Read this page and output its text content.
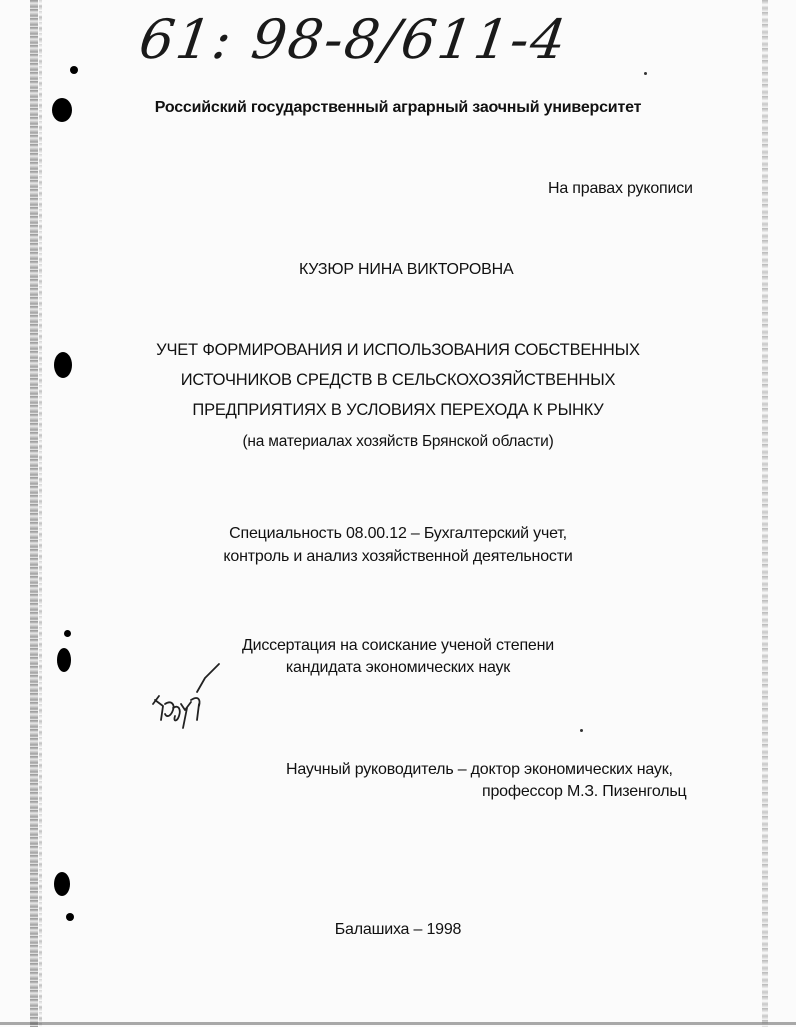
61: 98-8/611-4
Российский государственный аграрный заочный университет
На правах рукописи
КУЗЮР НИНА ВИКТОРОВНА
УЧЕТ ФОРМИРОВАНИЯ И ИСПОЛЬЗОВАНИЯ СОБСТВЕННЫХ
ИСТОЧНИКОВ СРЕДСТВ В СЕЛЬСКОХОЗЯЙСТВЕННЫХ
ПРЕДПРИЯТИЯХ В УСЛОВИЯХ ПЕРЕХОДА К РЫНКУ
(на материалах хозяйств Брянской области)
Специальность 08.00.12 – Бухгалтерский учет,
контроль и анализ хозяйственной деятельности
Диссертация на соискание ученой степени
кандидата экономических наук
Научный руководитель – доктор экономических наук,
профессор М.З. Пизенгольц
Балашиха – 1998
